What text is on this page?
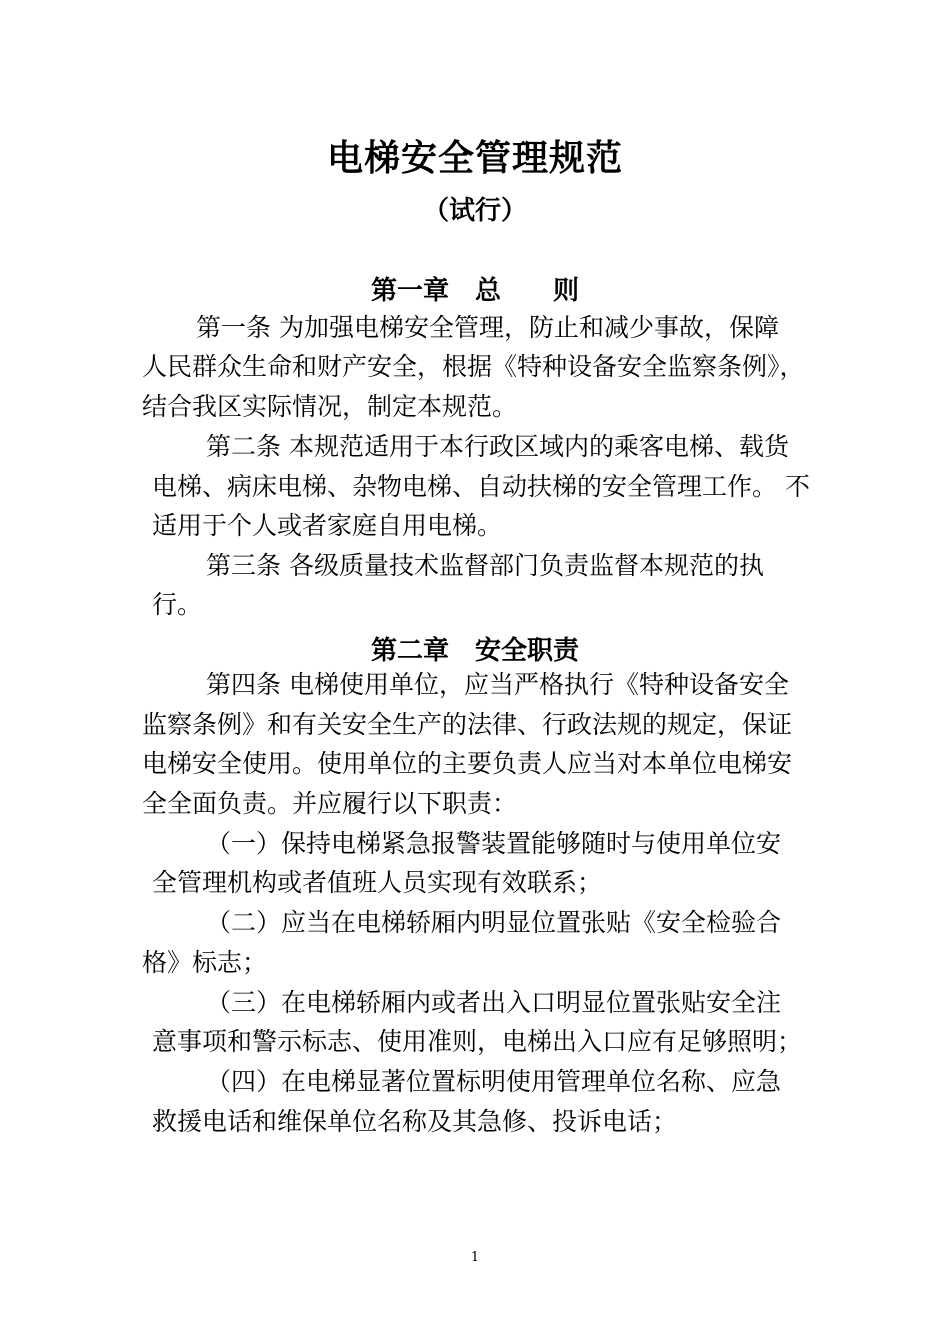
电梯安全管理规范
（试行）
第一章　总　　则
第一条 为加强电梯安全管理，防止和减少事故，保障
人民群众生命和财产安全，根据《特种设备安全监察条例》，
结合我区实际情况，制定本规范。
第二条 本规范适用于本行政区域内的乘客电梯、载货
电梯、病床电梯、杂物电梯、自动扶梯的安全管理工作。 不
适用于个人或者家庭自用电梯。
第三条 各级质量技术监督部门负责监督本规范的执
行。
第二章　安全职责
第四条 电梯使用单位，应当严格执行《特种设备安全
监察条例》和有关安全生产的法律、行政法规的规定，保证
电梯安全使用。使用单位的主要负责人应当对本单位电梯安
全全面负责。并应履行以下职责：
（一）保持电梯紧急报警装置能够随时与使用单位安
全管理机构或者值班人员实现有效联系；
（二）应当在电梯轿厢内明显位置张贴《安全检验合
格》标志；
（三）在电梯轿厢内或者出入口明显位置张贴安全注
意事项和警示标志、使用准则，电梯出入口应有足够照明；
（四）在电梯显著位置标明使用管理单位名称、应急
救援电话和维保单位名称及其急修、投诉电话；
1
